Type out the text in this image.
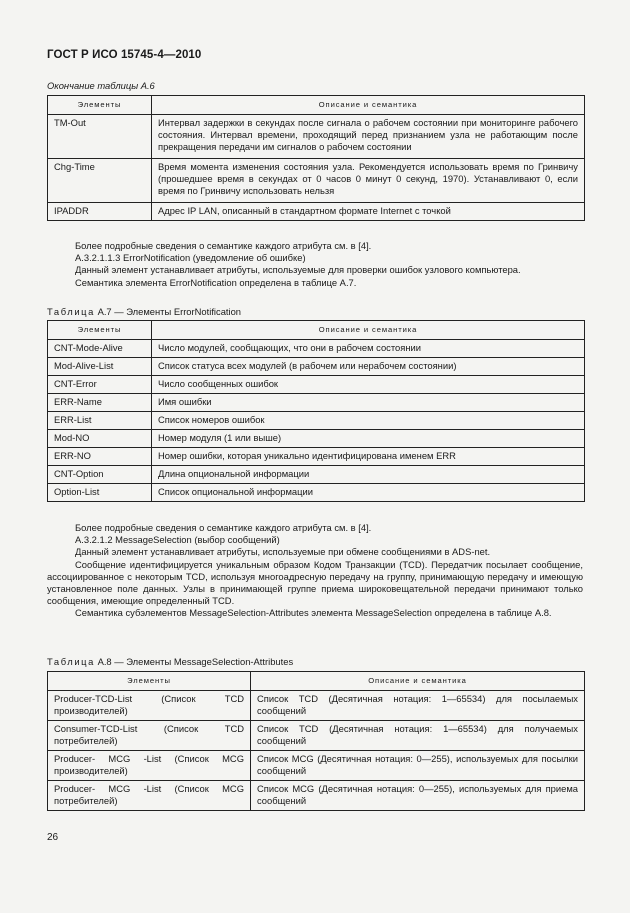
ГОСТ Р ИСО 15745-4—2010
Окончание таблицы А.6
Элементы	Описание и семантика
TM-Out	Интервал задержки в секундах после сигнала о рабочем состоянии при мониторинге рабочего состояния. Интервал времени, проходящий перед признанием узла не работающим после прекращения передачи им сигналов о рабочем состоянии
Chg-Time	Время момента изменения состояния узла. Рекомендуется использовать время по Гринвичу (прошедшее время в секундах от 0 часов 0 минут 0 секунд, 1970). Устанавливают 0, если время по Гринвичу использовать нельзя
IPADDR	Адрес IP LAN, описанный в стандартном формате Internet с точкой

Более подробные сведения о семантике каждого атрибута см. в [4].

A.3.2.1.1.3 ErrorNotification (уведомление об ошибке)

Данный элемент устанавливает атрибуты, используемые для проверки ошибок узлового компьютера.

Семантика элемента ErrorNotification определена в таблице А.7.

Таблица А.7 — Элементы ErrorNotification
Элементы	Описание и семантика
CNT-Mode-Alive	Число модулей, сообщающих, что они в рабочем состоянии
Mod-Alive-List	Список статуса всех модулей (в рабочем или нерабочем состоянии)
CNT-Error	Число сообщенных ошибок
ERR-Name	Имя ошибки
ERR-List	Список номеров ошибок
Mod-NO	Номер модуля (1 или выше)
ERR-NO	Номер ошибки, которая уникально идентифицирована именем ERR
CNT-Option	Длина опциональной информации
Option-List	Список опциональной информации

Более подробные сведения о семантике каждого атрибута см. в [4].

A.3.2.1.2 MessageSelection (выбор сообщений)

Данный элемент устанавливает атрибуты, используемые при обмене сообщениями в ADS-net.

Сообщение идентифицируется уникальным образом Кодом Транзакции (TCD). Передатчик посылает сообщение, ассоциированное с некоторым TCD, используя многоадресную передачу на группу, принимающую передачу и имеющую установленное поле данных. Узлы в принимающей группе приема широковещательной передачи принимают только сообщения, имеющие определенный TCD.

Семантика субэлементов MessageSelection-Attributes элемента MessageSelection определена в таблице А.8.

Таблица А.8 — Элементы MessageSelection-Attributes
Элементы	Описание и семантика
Producer-TCD-List (Список TCD производителей)	Список TCD (Десятичная нотация: 1—65534) для посылаемых сообщений
Consumer-TCD-List (Список TCD потребителей)	Список TCD (Десятичная нотация: 1—65534) для получаемых сообщений
Producer- MCG -List (Список MCG производителей)	Список MCG (Десятичная нотация: 0—255), используемых для посылки сообщений
Producer- MCG -List (Список MCG потребителей)	Список MCG (Десятичная нотация: 0—255), используемых для приема сообщений
26
